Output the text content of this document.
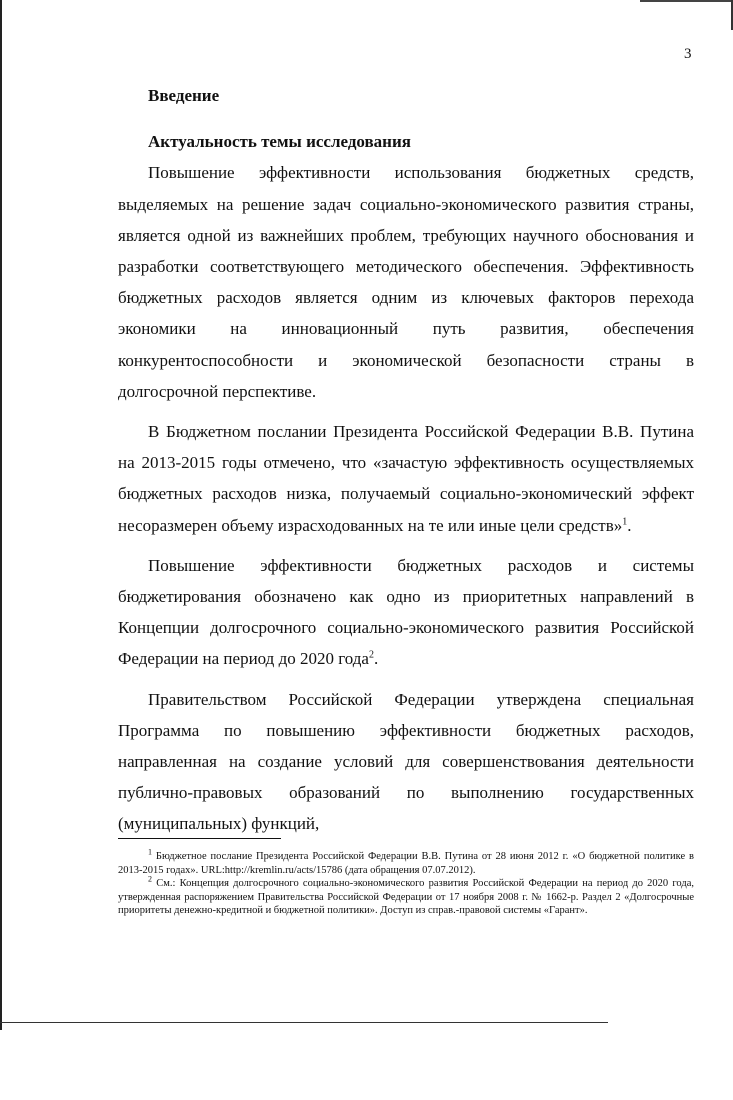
3
Введение
Актуальность темы исследования

Повышение эффективности использования бюджетных средств, выделяемых на решение задач социально-экономического развития страны, является одной из важнейших проблем, требующих научного обоснования и разработки соответствующего методического обеспечения. Эффективность бюджетных расходов является одним из ключевых факторов перехода экономики на инновационный путь развития, обеспечения конкурентоспособности и экономической безопасности страны в долгосрочной перспективе.

В Бюджетном послании Президента Российской Федерации В.В. Путина на 2013-2015 годы отмечено, что «зачастую эффективность осуществляемых бюджетных расходов низка, получаемый социально-экономический эффект несоразмерен объему израсходованных на те или иные цели средств»$^1$.

Повышение эффективности бюджетных расходов и системы бюджетирования обозначено как одно из приоритетных направлений в Концепции долгосрочного социально-экономического развития Российской Федерации на период до 2020 года$^2$.

Правительством Российской Федерации утверждена специальная Программа по повышению эффективности бюджетных расходов, направленная на создание условий для совершенствования деятельности публично-правовых образований по выполнению государственных (муниципальных) функций,

$^1$ Бюджетное послание Президента Российской Федерации В.В. Путина от 28 июня 2012 г. «О бюджетной политике в 2013-2015 годах». URL:http://kremlin.ru/acts/15786 (дата обращения 07.07.2012).

$^2$ См.: Концепция долгосрочного социально-экономического развития Российской Федерации на период до 2020 года, утвержденная распоряжением Правительства Российской Федерации от 17 ноября 2008 г. № 1662-р. Раздел 2 «Долгосрочные приоритеты денежно-кредитной и бюджетной политики». Доступ из справ.-правовой системы «Гарант».
